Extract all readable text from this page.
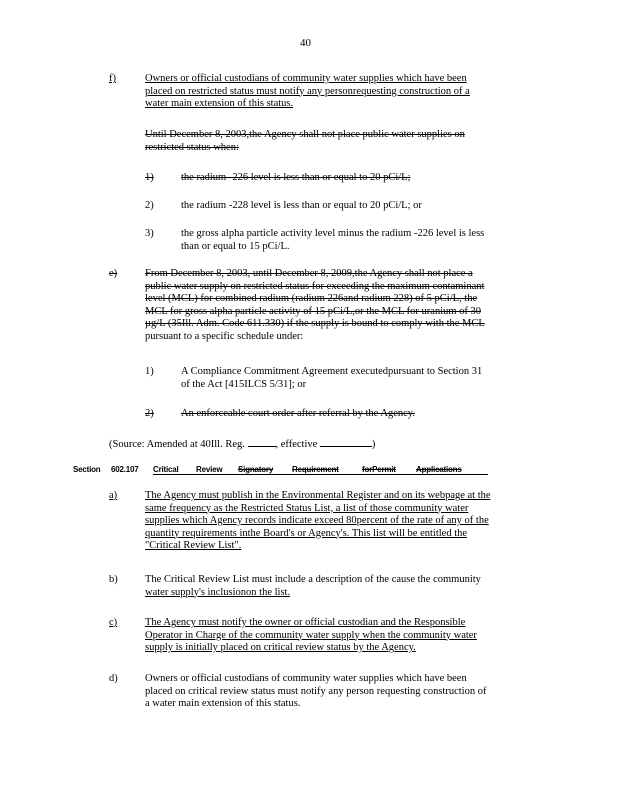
40
f)	Owners or official custodians of community water supplies which have been
placed on restricted status must notify any personrequesting construction of a
water main extension of this status.
Until December 8, 2003,the Agency shall not place public water supplies on
restricted status when:
1)	the radium -226 level is less than or equal to 20 pCi/L;
2)	the radium -228 level is less than or equal to 20 pCi/L; or
3)	the gross alpha particle activity level minus the radium -226 level is less
than or equal to 15 pCi/L.
e)	From December 8, 2003, until December 8, 2009,the Agency shall not place a
public water supply on restricted status for exceeding the maximum contaminant
level (MCL) for combined radium (radium 226and radium 228) of 5 pCi/L, the
MCL for gross alpha particle activity of 15 pCi/L,or the MCL for uranium of 30
µg/L (35Ill. Adm. Code 611.330) if the supply is bound to comply with the MCL
pursuant to a specific schedule under:
1)	A Compliance Commitment Agreement executedpursuant to Section 31
of the Act [415ILCS 5/31]; or
2)	An enforceable court order after referral by the Agency.
(Source: Amended at 40Ill. Reg.	, effective	)
Section 602.107 Critical Review Signatory Requirement	forPermit	Applications
a)	The Agency must publish in the Environmental Register and on its webpage at the
same frequency as the Restricted Status List, a list of those community water
supplies which Agency records indicate exceed 80percent of the rate of any of the
quantity requirements inthe Board's or Agency's. This list will be entitled the
"Critical Review List".
b)	The Critical Review List must include a description of the cause the community
water supply's inclusionon the list.
c)	The Agency must notify the owner or official custodian and the Responsible
Operator in Charge of the community water supply when the community water
supply is initially placed on critical review status by the Agency.
d)	Owners or official custodians of community water supplies which have been
placed on critical review status must notify any person requesting construction of
a water main extension of this status.
